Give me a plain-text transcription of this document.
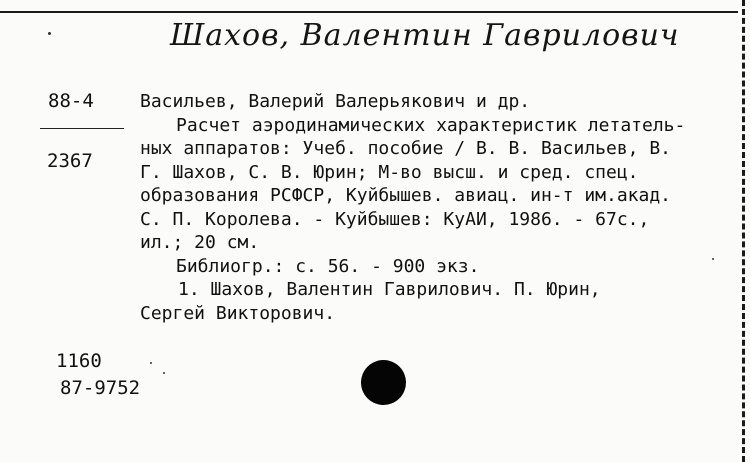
Шахов, Валентин Гаврилович
88-4
2367
Васильев, Валерий Валерьякович и др.
Расчет аэродинамических характеристик летатель-
ных аппаратов: Учеб. пособие / В. В. Васильев, В.
Г. Шахов, С. В. Юрин; М-во высш. и сред. спец.
образования РСФСР, Куйбышев. авиац. ин-т им.акад.
С. П. Королева. - Куйбышев: КуАИ, 1986. - 67с.,
ил.; 20 см.
Библиогр.: с. 56. - 900 экз.
1. Шахов, Валентин Гаврилович. П. Юрин,
Сергей Викторович.
1160
87-9752
